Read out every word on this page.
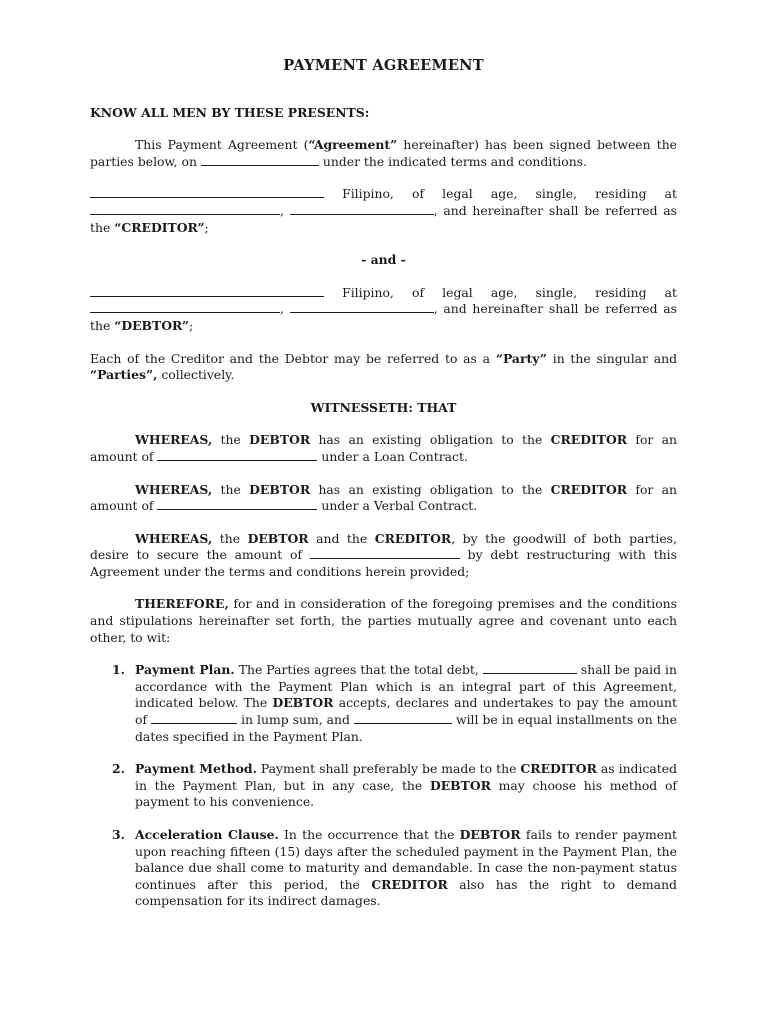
PAYMENT AGREEMENT

KNOW ALL MEN BY THESE PRESENTS:

This Payment Agreement (“Agreement” hereinafter) has been signed between the parties below, on	under the indicated terms and conditions.

Filipino, of legal age, single, residing at ,	, and hereinafter shall be referred as the “CREDITOR”;

- and -

Filipino, of legal age, single, residing at ,	, and hereinafter shall be referred as the “DEBTOR”;

Each of the Creditor and the Debtor may be referred to as a “Party” in the singular and “Parties”, collectively.

WITNESSETH: THAT

WHEREAS, the DEBTOR has an existing obligation to the CREDITOR for an amount of	under a Loan Contract.

WHEREAS, the DEBTOR has an existing obligation to the CREDITOR for an amount of	under a Verbal Contract.

WHEREAS, the DEBTOR and the CREDITOR, by the goodwill of both parties, desire to secure the amount of	by debt restructuring with this Agreement under the terms and conditions herein provided;

THEREFORE, for and in consideration of the foregoing premises and the conditions and stipulations hereinafter set forth, the parties mutually agree and covenant unto each other, to wit:

1. Payment Plan. The Parties agrees that the total debt,	shall be paid in accordance with the Payment Plan which is an integral part of this Agreement, indicated below. The DEBTOR accepts, declares and undertakes to pay the amount of	in lump sum, and	will be in equal installments on the dates specified in the Payment Plan.
2. Payment Method. Payment shall preferably be made to the CREDITOR as indicated in the Payment Plan, but in any case, the DEBTOR may choose his method of payment to his convenience.
3. Acceleration Clause. In the occurrence that the DEBTOR fails to render payment upon reaching fifteen (15) days after the scheduled payment in the Payment Plan, the balance due shall come to maturity and demandable. In case the non-payment status continues after this period, the CREDITOR also has the right to demand compensation for its indirect damages.
